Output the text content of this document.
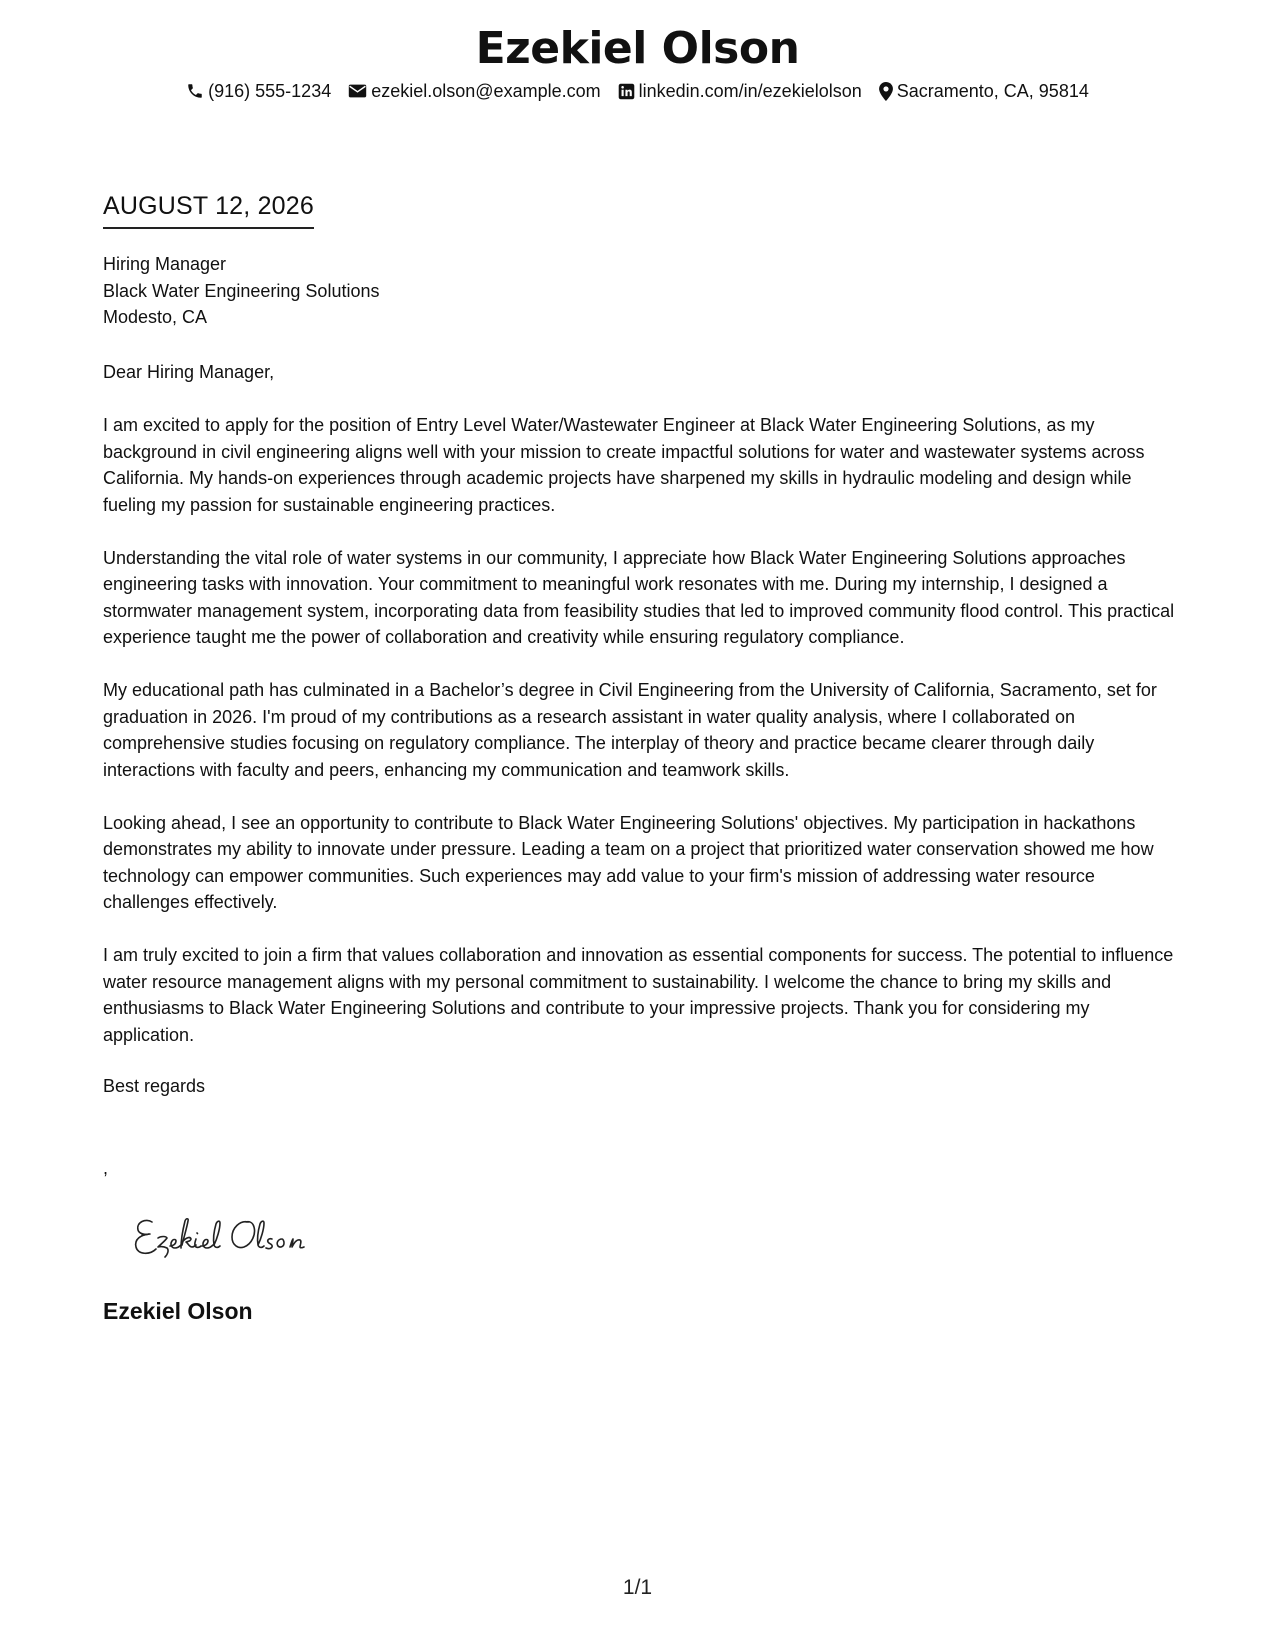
Ezekiel Olson
(916) 555-1234 ezekiel.olson@example.com linkedin.com/in/ezekielolson Sacramento, CA, 95814
AUGUST 12, 2026
Hiring Manager
Black Water Engineering Solutions
Modesto, CA
Dear Hiring Manager,

I am excited to apply for the position of Entry Level Water/Wastewater Engineer at Black Water Engineering Solutions, as my background in civil engineering aligns well with your mission to create impactful solutions for water and wastewater systems across California. My hands-on experiences through academic projects have sharpened my skills in hydraulic modeling and design while fueling my passion for sustainable engineering practices.

Understanding the vital role of water systems in our community, I appreciate how Black Water Engineering Solutions approaches engineering tasks with innovation. Your commitment to meaningful work resonates with me. During my internship, I designed a stormwater management system, incorporating data from feasibility studies that led to improved community flood control. This practical experience taught me the power of collaboration and creativity while ensuring regulatory compliance.

My educational path has culminated in a Bachelor’s degree in Civil Engineering from the University of California, Sacramento, set for graduation in 2026. I'm proud of my contributions as a research assistant in water quality analysis, where I collaborated on comprehensive studies focusing on regulatory compliance. The interplay of theory and practice became clearer through daily interactions with faculty and peers, enhancing my communication and teamwork skills.

Looking ahead, I see an opportunity to contribute to Black Water Engineering Solutions' objectives. My participation in hackathons demonstrates my ability to innovate under pressure. Leading a team on a project that prioritized water conservation showed me how technology can empower communities. Such experiences may add value to your firm's mission of addressing water resource challenges effectively.

I am truly excited to join a firm that values collaboration and innovation as essential components for success. The potential to influence water resource management aligns with my personal commitment to sustainability. I welcome the chance to bring my skills and enthusiasms to Black Water Engineering Solutions and contribute to your impressive projects. Thank you for considering my application.

Best regards
,
Ezekiel Olson
1/1
